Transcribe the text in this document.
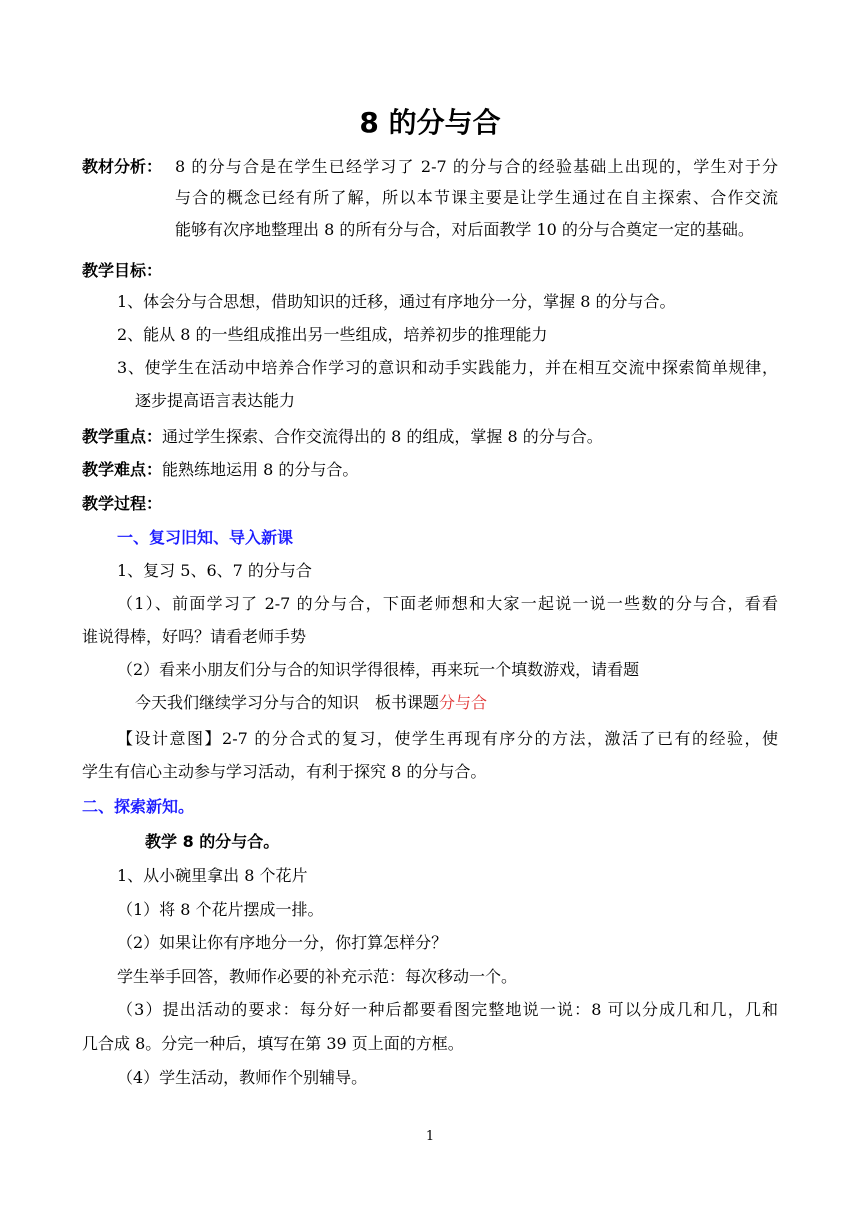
8 的分与合
教材分析： 8 的分与合是在学生已经学习了 2-7 的分与合的经验基础上出现的，学生对于分
与合的概念已经有所了解，所以本节课主要是让学生通过在自主探索、合作交流
能够有次序地整理出 8 的所有分与合，对后面教学 10 的分与合奠定一定的基础。
教学目标：
1、体会分与合思想，借助知识的迁移，通过有序地分一分，掌握 8 的分与合。
2、能从 8 的一些组成推出另一些组成，培养初步的推理能力
3、使学生在活动中培养合作学习的意识和动手实践能力，并在相互交流中探索简单规律，
逐步提高语言表达能力
教学重点：通过学生探索、合作交流得出的 8 的组成，掌握 8 的分与合。
教学难点：能熟练地运用 8 的分与合。
教学过程：
一、复习旧知、导入新课
1、复习 5、6、7 的分与合
（1）、前面学习了 2-7 的分与合，下面老师想和大家一起说一说一些数的分与合，看看
谁说得棒，好吗？请看老师手势
（2）看来小朋友们分与合的知识学得很棒，再来玩一个填数游戏，请看题
今天我们继续学习分与合的知识　板书课题分与合
【设计意图】2-7 的分合式的复习，使学生再现有序分的方法，激活了已有的经验，使
学生有信心主动参与学习活动，有利于探究 8 的分与合。
二、探索新知。
教学 8 的分与合。
1、从小碗里拿出 8 个花片
（1）将 8 个花片摆成一排。
（2）如果让你有序地分一分，你打算怎样分？
学生举手回答，教师作必要的补充示范：每次移动一个。
（3）提出活动的要求：每分好一种后都要看图完整地说一说：8 可以分成几和几，几和
几合成 8。分完一种后，填写在第 39 页上面的方框。
（4）学生活动，教师作个别辅导。
1
